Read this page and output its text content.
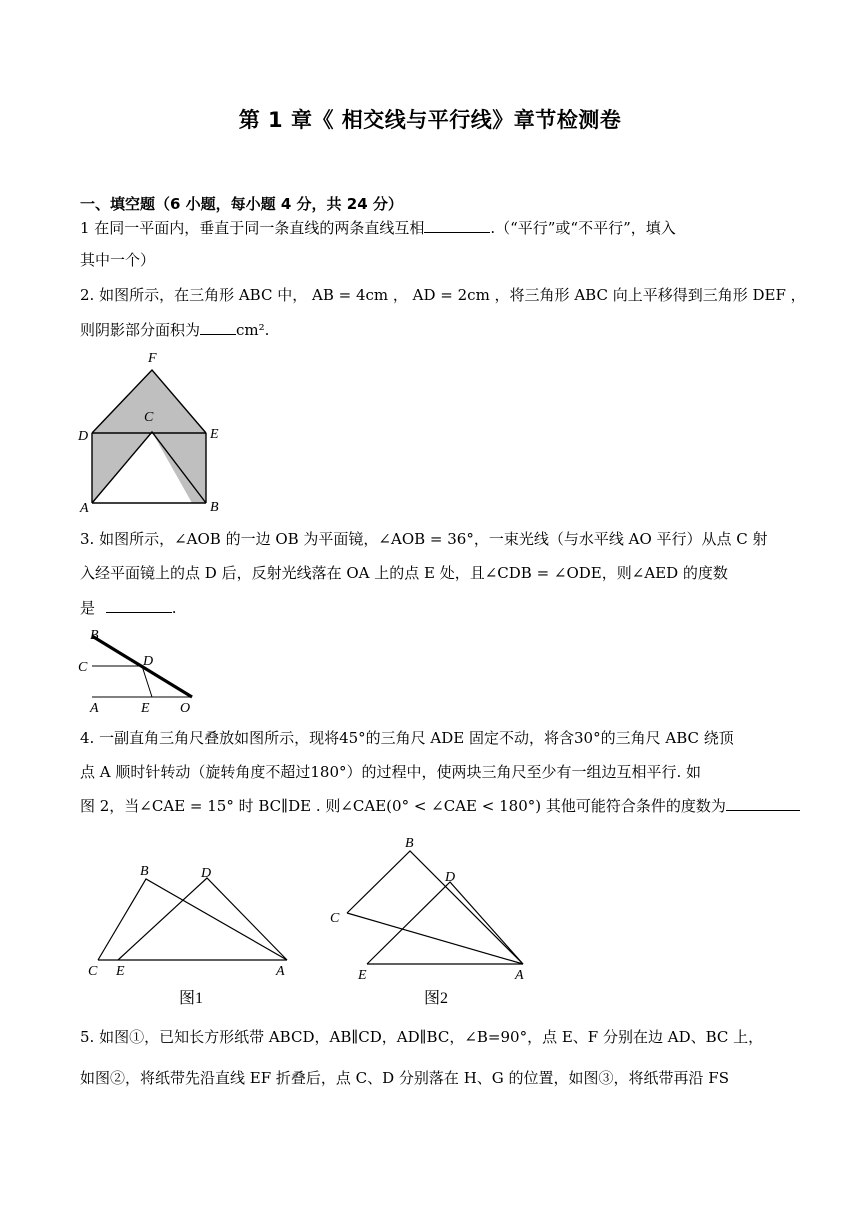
第 1 章《 相交线与平行线》章节检测卷
一、填空题（6 小题，每小题 4 分，共 24 分）
1 在同一平面内，垂直于同一条直线的两条直线互相	.（“平行”或“不平行”，填入
其中一个）
2. 如图所示，在三角形 ABC 中， AB = 4cm ， AD = 2cm ，将三角形 ABC 向上平移得到三角形 DEF ，
则阴影部分面积为 cm².
F
C
D	E
A	B
3. 如图所示，∠AOB 的一边 OB 为平面镜，∠AOB = 36°，一束光线（与水平线 AO 平行）从点 C 射
入经平面镜上的点 D 后，反射光线落在 OA 上的点 E 处，且∠CDB = ∠ODE，则∠AED 的度数
是	.
B
C	D
A	E O
4. 一副直角三角尺叠放如图所示，现将45°的三角尺 ADE 固定不动，将含30°的三角尺 ABC 绕顶
点 A 顺时针转动（旋转角度不超过180°）的过程中，使两块三角尺至少有一组边互相平行. 如
图 2，当∠CAE = 15° 时 BC∥DE . 则∠CAE(0° < ∠CAE < 180°) 其他可能符合条件的度数为
B	D
C E	A
图1
B
D
C
E	A
图2
5. 如图①，已知长方形纸带 ABCD，AB∥CD，AD∥BC，∠B=90°，点 E、F 分别在边 AD、BC 上，
如图②，将纸带先沿直线 EF 折叠后，点 C、D 分别落在 H、G 的位置，如图③，将纸带再沿 FS
